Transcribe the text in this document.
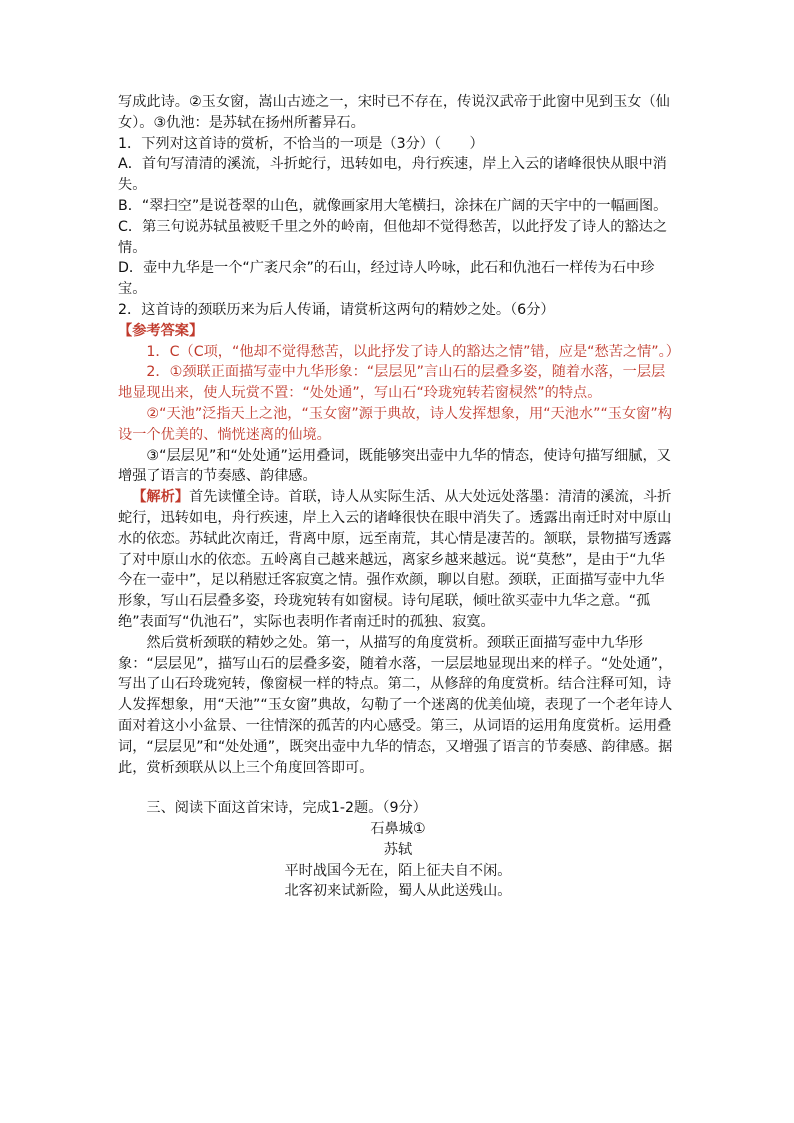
写成此诗。②玉女窗，嵩山古迹之一，宋时已不存在，传说汉武帝于此窗中见到玉女（仙女）。③仇池：是苏轼在扬州所蓄异石。

1．下列对这首诗的赏析，不恰当的一项是（3分）（　　）

A．首句写清清的溪流，斗折蛇行，迅转如电，舟行疾速，岸上入云的诸峰很快从眼中消失。

B．“翠扫空”是说苍翠的山色，就像画家用大笔横扫，涂抹在广阔的天宇中的一幅画图。

C．第三句说苏轼虽被贬千里之外的岭南，但他却不觉得愁苦，以此抒发了诗人的豁达之情。

D．壶中九华是一个“广袤尺余”的石山，经过诗人吟咏，此石和仇池石一样传为石中珍宝。

2．这首诗的颈联历来为后人传诵，请赏析这两句的精妙之处。（6分）

【参考答案】

1．C（C项，“他却不觉得愁苦，以此抒发了诗人的豁达之情”错，应是“愁苦之情”。）

2．①颈联正面描写壶中九华形象：“层层见”言山石的层叠多姿，随着水落，一层层地显现出来，使人玩赏不置：“处处通”，写山石“玲珑宛转若窗棂然”的特点。

②“天池”泛指天上之池，“玉女窗”源于典故，诗人发挥想象，用“天池水”“玉女窗”构设一个优美的、惝恍迷离的仙境。

③“层层见”和“处处通”运用叠词，既能够突出壶中九华的情态，使诗句描写细腻，又增强了语言的节奏感、韵律感。

【解析】首先读懂全诗。首联，诗人从实际生活、从大处远处落墨：清清的溪流，斗折蛇行，迅转如电，舟行疾速，岸上入云的诸峰很快在眼中消失了。透露出南迁时对中原山水的依恋。苏轼此次南迁，背离中原，远至南荒，其心情是凄苦的。颔联，景物描写透露了对中原山水的依恋。五岭离自己越来越远，离家乡越来越远。说“莫愁”，是由于“九华今在一壶中”，足以稍慰迁客寂寞之情。强作欢颜，聊以自慰。颈联，正面描写壶中九华形象，写山石层叠多姿，玲珑宛转有如窗棂。诗句尾联，倾吐欲买壶中九华之意。“孤绝”表面写“仇池石”，实际也表明作者南迁时的孤独、寂寞。

然后赏析颈联的精妙之处。第一，从描写的角度赏析。颈联正面描写壶中九华形象：“层层见”，描写山石的层叠多姿，随着水落，一层层地显现出来的样子。“处处通”，写出了山石玲珑宛转，像窗棂一样的特点。第二，从修辞的角度赏析。结合注释可知，诗人发挥想象，用“天池”“玉女窗”典故，勾勒了一个迷离的优美仙境，表现了一个老年诗人面对着这小小盆景、一往情深的孤苦的内心感受。第三，从词语的运用角度赏析。运用叠词，“层层见”和“处处通”，既突出壶中九华的情态，又增强了语言的节奏感、韵律感。据此，赏析颈联从以上三个角度回答即可。

三、阅读下面这首宋诗，完成1-2题。（9分）

石鼻城①

苏轼

平时战国今无在，陌上征夫自不闲。

北客初来试新险，蜀人从此送残山。
